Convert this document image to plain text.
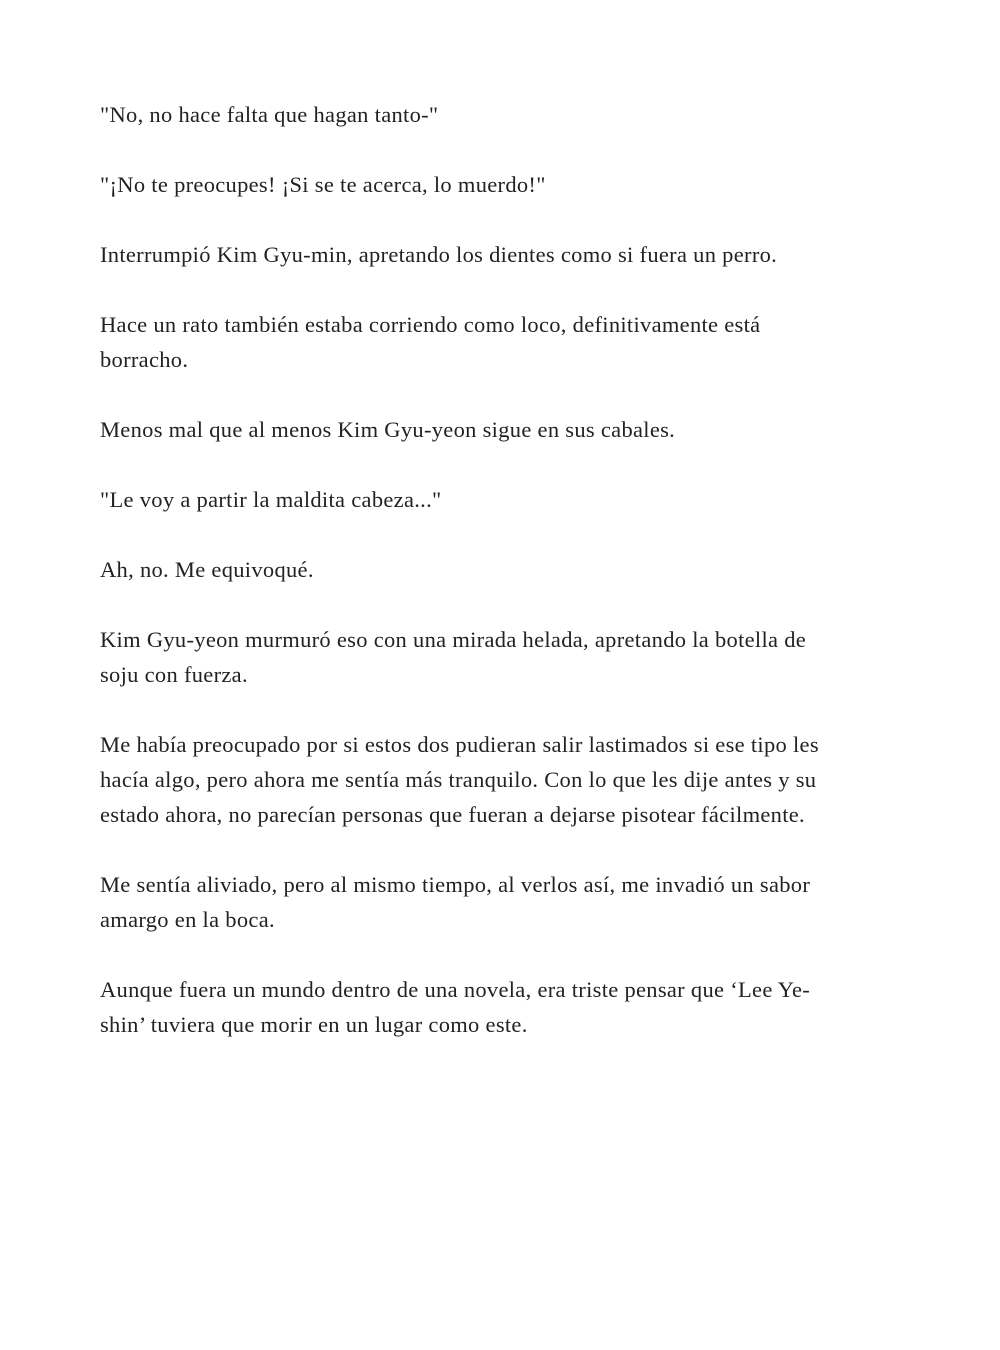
"No, no hace falta que hagan tanto-"

"¡No te preocupes! ¡Si se te acerca, lo muerdo!"

Interrumpió Kim Gyu-min, apretando los dientes como si fuera un perro.

Hace un rato también estaba corriendo como loco, definitivamente está
borracho.

Menos mal que al menos Kim Gyu-yeon sigue en sus cabales.

"Le voy a partir la maldita cabeza..."

Ah, no. Me equivoqué.

Kim Gyu-yeon murmuró eso con una mirada helada, apretando la botella de
soju con fuerza.

Me había preocupado por si estos dos pudieran salir lastimados si ese tipo les
hacía algo, pero ahora me sentía más tranquilo. Con lo que les dije antes y su
estado ahora, no parecían personas que fueran a dejarse pisotear fácilmente.

Me sentía aliviado, pero al mismo tiempo, al verlos así, me invadió un sabor
amargo en la boca.

Aunque fuera un mundo dentro de una novela, era triste pensar que ‘Lee Ye-
shin’ tuviera que morir en un lugar como este.
